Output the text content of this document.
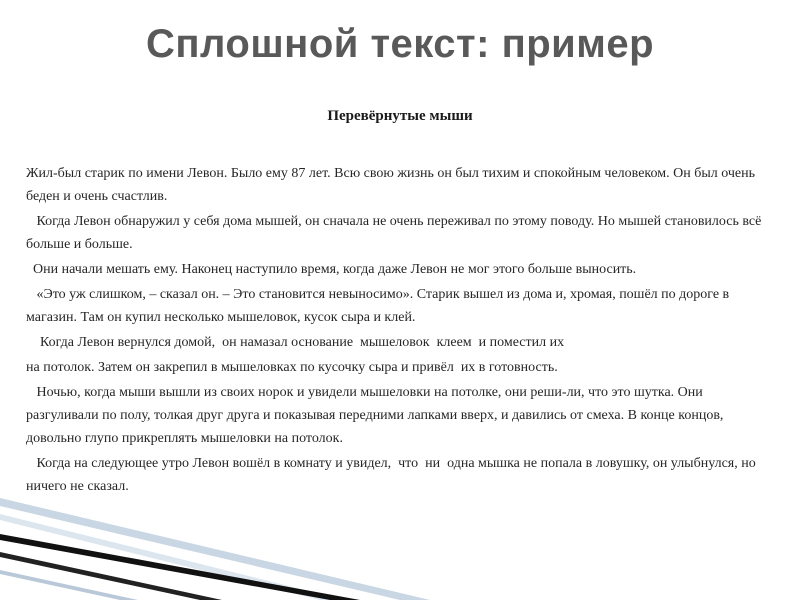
Сплошной текст: пример
Перевёрнутые мыши

Жил-был старик по имени Левон. Было ему 87 лет. Всю свою жизнь он был тихим и спокойным человеком. Он был очень беден и очень счастлив.

Когда Левон обнаружил у себя дома мышей, он сначала не очень переживал по этому поводу. Но мышей становилось всё больше и больше.

Они начали мешать ему. Наконец наступило время, когда даже Левон не мог этого больше выносить.

«Это уж слишком, – сказал он. – Это становится невыносимо». Старик вышел из дома и, хромая, пошёл по дороге в магазин. Там он купил несколько мышеловок, кусок сыра и клей.

Когда Левон вернулся домой,  он намазал основание  мышеловок  клеем  и поместил их

на потолок. Затем он закрепил в мышеловках по кусочку сыра и привёл  их в готовность.

Ночью, когда мыши вышли из своих норок и увидели мышеловки на потолке, они реши-ли, что это шутка. Они разгуливали по полу, толкая друг друга и показывая передними лапками вверх, и давились от смеха. В конце концов, довольно глупо прикреплять мышеловки на потолок.

Когда на следующее утро Левон вошёл в комнату и увидел,  что  ни  одна мышка не попала в ловушку, он улыбнулся, но ничего не сказал.
